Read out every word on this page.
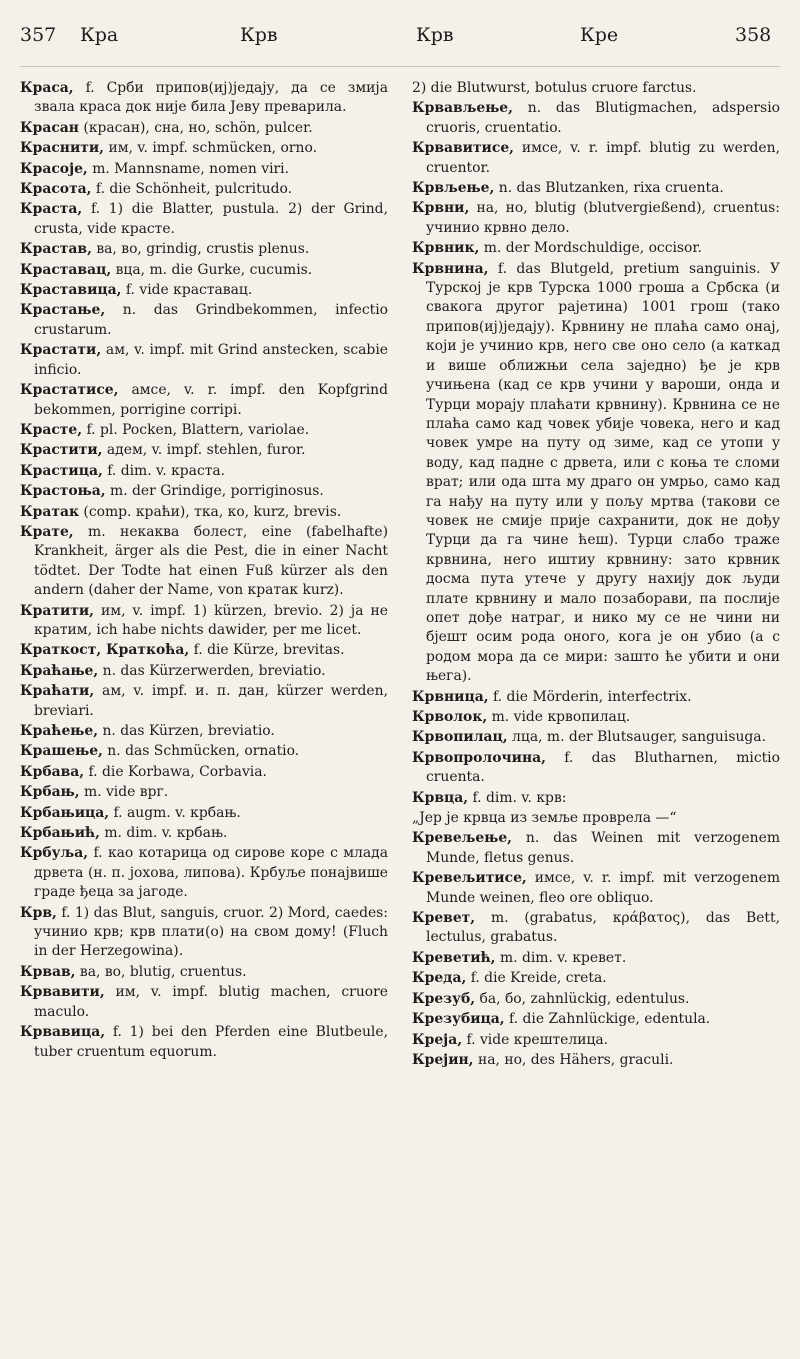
357 Кра	Крв	Крв	Кре	358

Краса, f. Срби припов(иј)једају, да се змија звала краса док није била Јеву преварила.

Красан (красан), сна, но, schön, pulcer.

Краснити, им, v. impf. schmücken, orno.

Красоје, m. Mannsname, nomen viri.

Красота, f. die Schönheit, pulcritudo.

Краста, f. 1) die Blatter, pustula. 2) der Grind, crusta, vide красте.

Крастав, ва, во, grindig, crustis plenus.

Краставац, вца, m. die Gurke, cucumis.

Краставица, f. vide краставац.

Крастање, n. das Grindbekommen, infectio crustarum.

Крастати, ам, v. impf. mit Grind anstecken, scabie inficio.

Крастатисе, амсе, v. r. impf. den Kopfgrind bekommen, porrigine corripi.

Красте, f. pl. Pocken, Blattern, variolae.

Крастити, адем, v. impf. stehlen, furor.

Крастица, f. dim. v. краста.

Крастоња, m. der Grindige, porriginosus.

Кратак (comp. краћи), тка, ко, kurz, brevis.

Крате, m. некаква болест, eine (fabelhafte) Krankheit, ärger als die Pest, die in einer Nacht tödtet. Der Todte hat einen Fuß kürzer als den andern (daher der Name, von кратак kurz).

Кратити, им, v. impf. 1) kürzen, brevio. 2) ја не кратим, ich habe nichts dawider, per me licet.

Краткост, Краткоћа, f. die Kürze, brevitas.

Краћање, n. das Kürzerwerden, breviatio.

Краћати, ам, v. impf. и. п. дан, kürzer werden, breviari.

Краћење, n. das Kürzen, breviatio.

Крашење, n. das Schmücken, ornatio.

Крбава, f. die Korbawa, Corbavia.

Крбањ, m. vide врг.

Крбањица, f. augm. v. крбањ.

Крбањић, m. dim. v. крбањ.

Крбуља, f. као котарица од сирове коре с млада дрвета (н. п. јохова, липова). Крбуље понајвише граде ђеца за јагоде.

Крв, f. 1) das Blut, sanguis, cruor. 2) Mord, caedes: учинио крв; крв плати(о) на свом дому! (Fluch in der Herzegowina).

Крвав, ва, во, blutig, cruentus.

Крвавити, им, v. impf. blutig machen, cruore maculo.

Крвавица, f. 1) bei den Pferden eine Blutbeule, tuber cruentum equorum.

2) die Blutwurst, botulus cruore farctus.

Крвављење, n. das Blutigmachen, adspersio cruoris, cruentatio.

Крвавитисе, имсе, v. r. impf. blutig zu werden, cruentor.

Крвљење, n. das Blutzanken, rixa cruenta.

Крвни, на, но, blutig (blutvergießend), cruentus: учинио крвно дело.

Крвник, m. der Mordschuldige, occisor.

Крвнина, f. das Blutgeld, pretium sanguinis. У Турској је крв Турска 1000 гроша а Србска (и свакога другог рајетина) 1001 грош (тако припов(иј)једају). Крвнину не плаћа само онај, који је учинио крв, него све оно село (а каткад и више оближњи села заједно) ђе је крв учињена (кад се крв учини у вароши, онда и Турци морају плаћати крвнину). Крвнина се не плаћа само кад човек убије човека, него и кад човек умре на путу од зиме, кад се утопи у воду, кад падне с дрвета, или с коња те сломи врат; или ода шта му драго он умрьо, само кад га нађу на путу или у пољу мртва (такови се човек не смије прије сахранити, док не дођу Турци да га чине ћеш). Турци слабо траже крвнина, него иштиу крвнину: зато крвник досма пута утече у другу нахију док људи плате крвнину и мало позаборави, па послије опет дође натраг, и нико му се не чини ни бјешт осим рода оного, кога је он убио (а с родом мора да се мири: зашто ће убити и они њега).

Крвница, f. die Mörderin, interfectrix.

Крволок, m. vide крвопилац.

Крвопилац, лца, m. der Blutsauger, sanguisuga.

Крвопролочина, f. das Blutharnen, mictio cruenta.

Крвца, f. dim. v. крв:

„Јер је крвца из земље проврела —“

Кревељење, n. das Weinen mit verzogenem Munde, fletus genus.

Кревељитисе, имсе, v. r. impf. mit verzogenem Munde weinen, fleo ore obliquo.

Кревет, m. (grabatus, κράβατος), das Bett, lectulus, grabatus.

Креветић, m. dim. v. кревет.

Креда, f. die Kreide, creta.

Крезуб, ба, бо, zahnlückig, edentulus.

Крезубица, f. die Zahnlückige, edentula.

Креја, f. vide крештелица.

Крејин, на, но, des Hähers, graculi.
